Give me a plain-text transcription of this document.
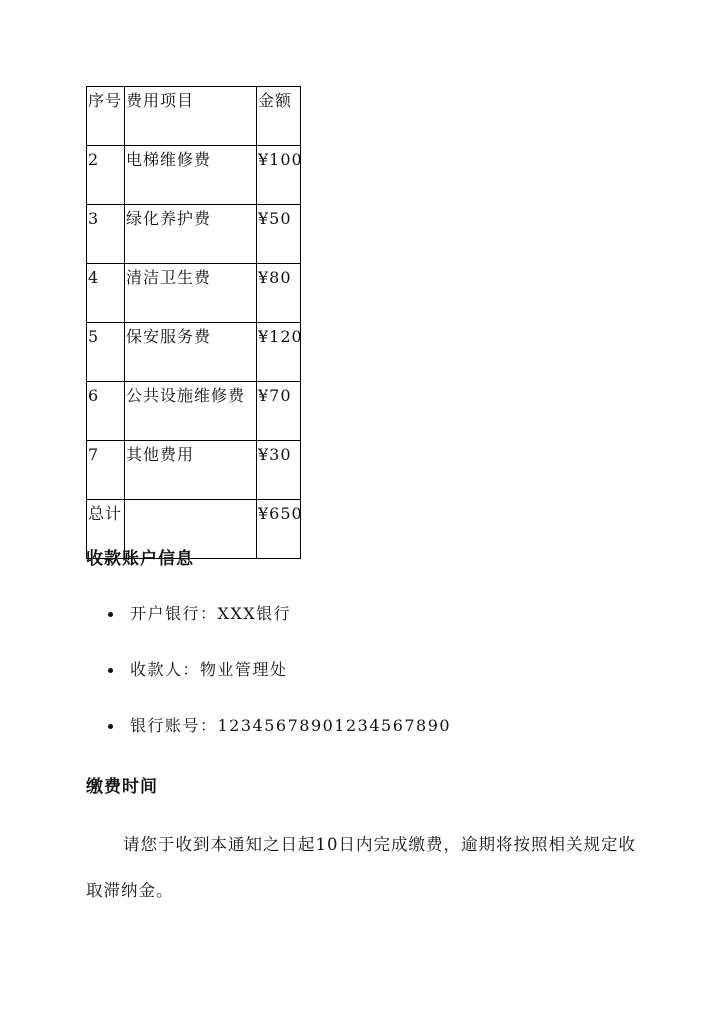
序号	费用项目	金额
2	电梯维修费	¥100
3	绿化养护费	¥50
4	清洁卫生费	¥80
5	保安服务费	¥120
6	公共设施维修费	¥70
7	其他费用	¥30
总计		¥650
收款账户信息
开户银行：XXX银行
收款人：物业管理处
银行账号：12345678901234567890
缴费时间

请您于收到本通知之日起10日内完成缴费，逾期将按照相关规定收取滞纳金。
